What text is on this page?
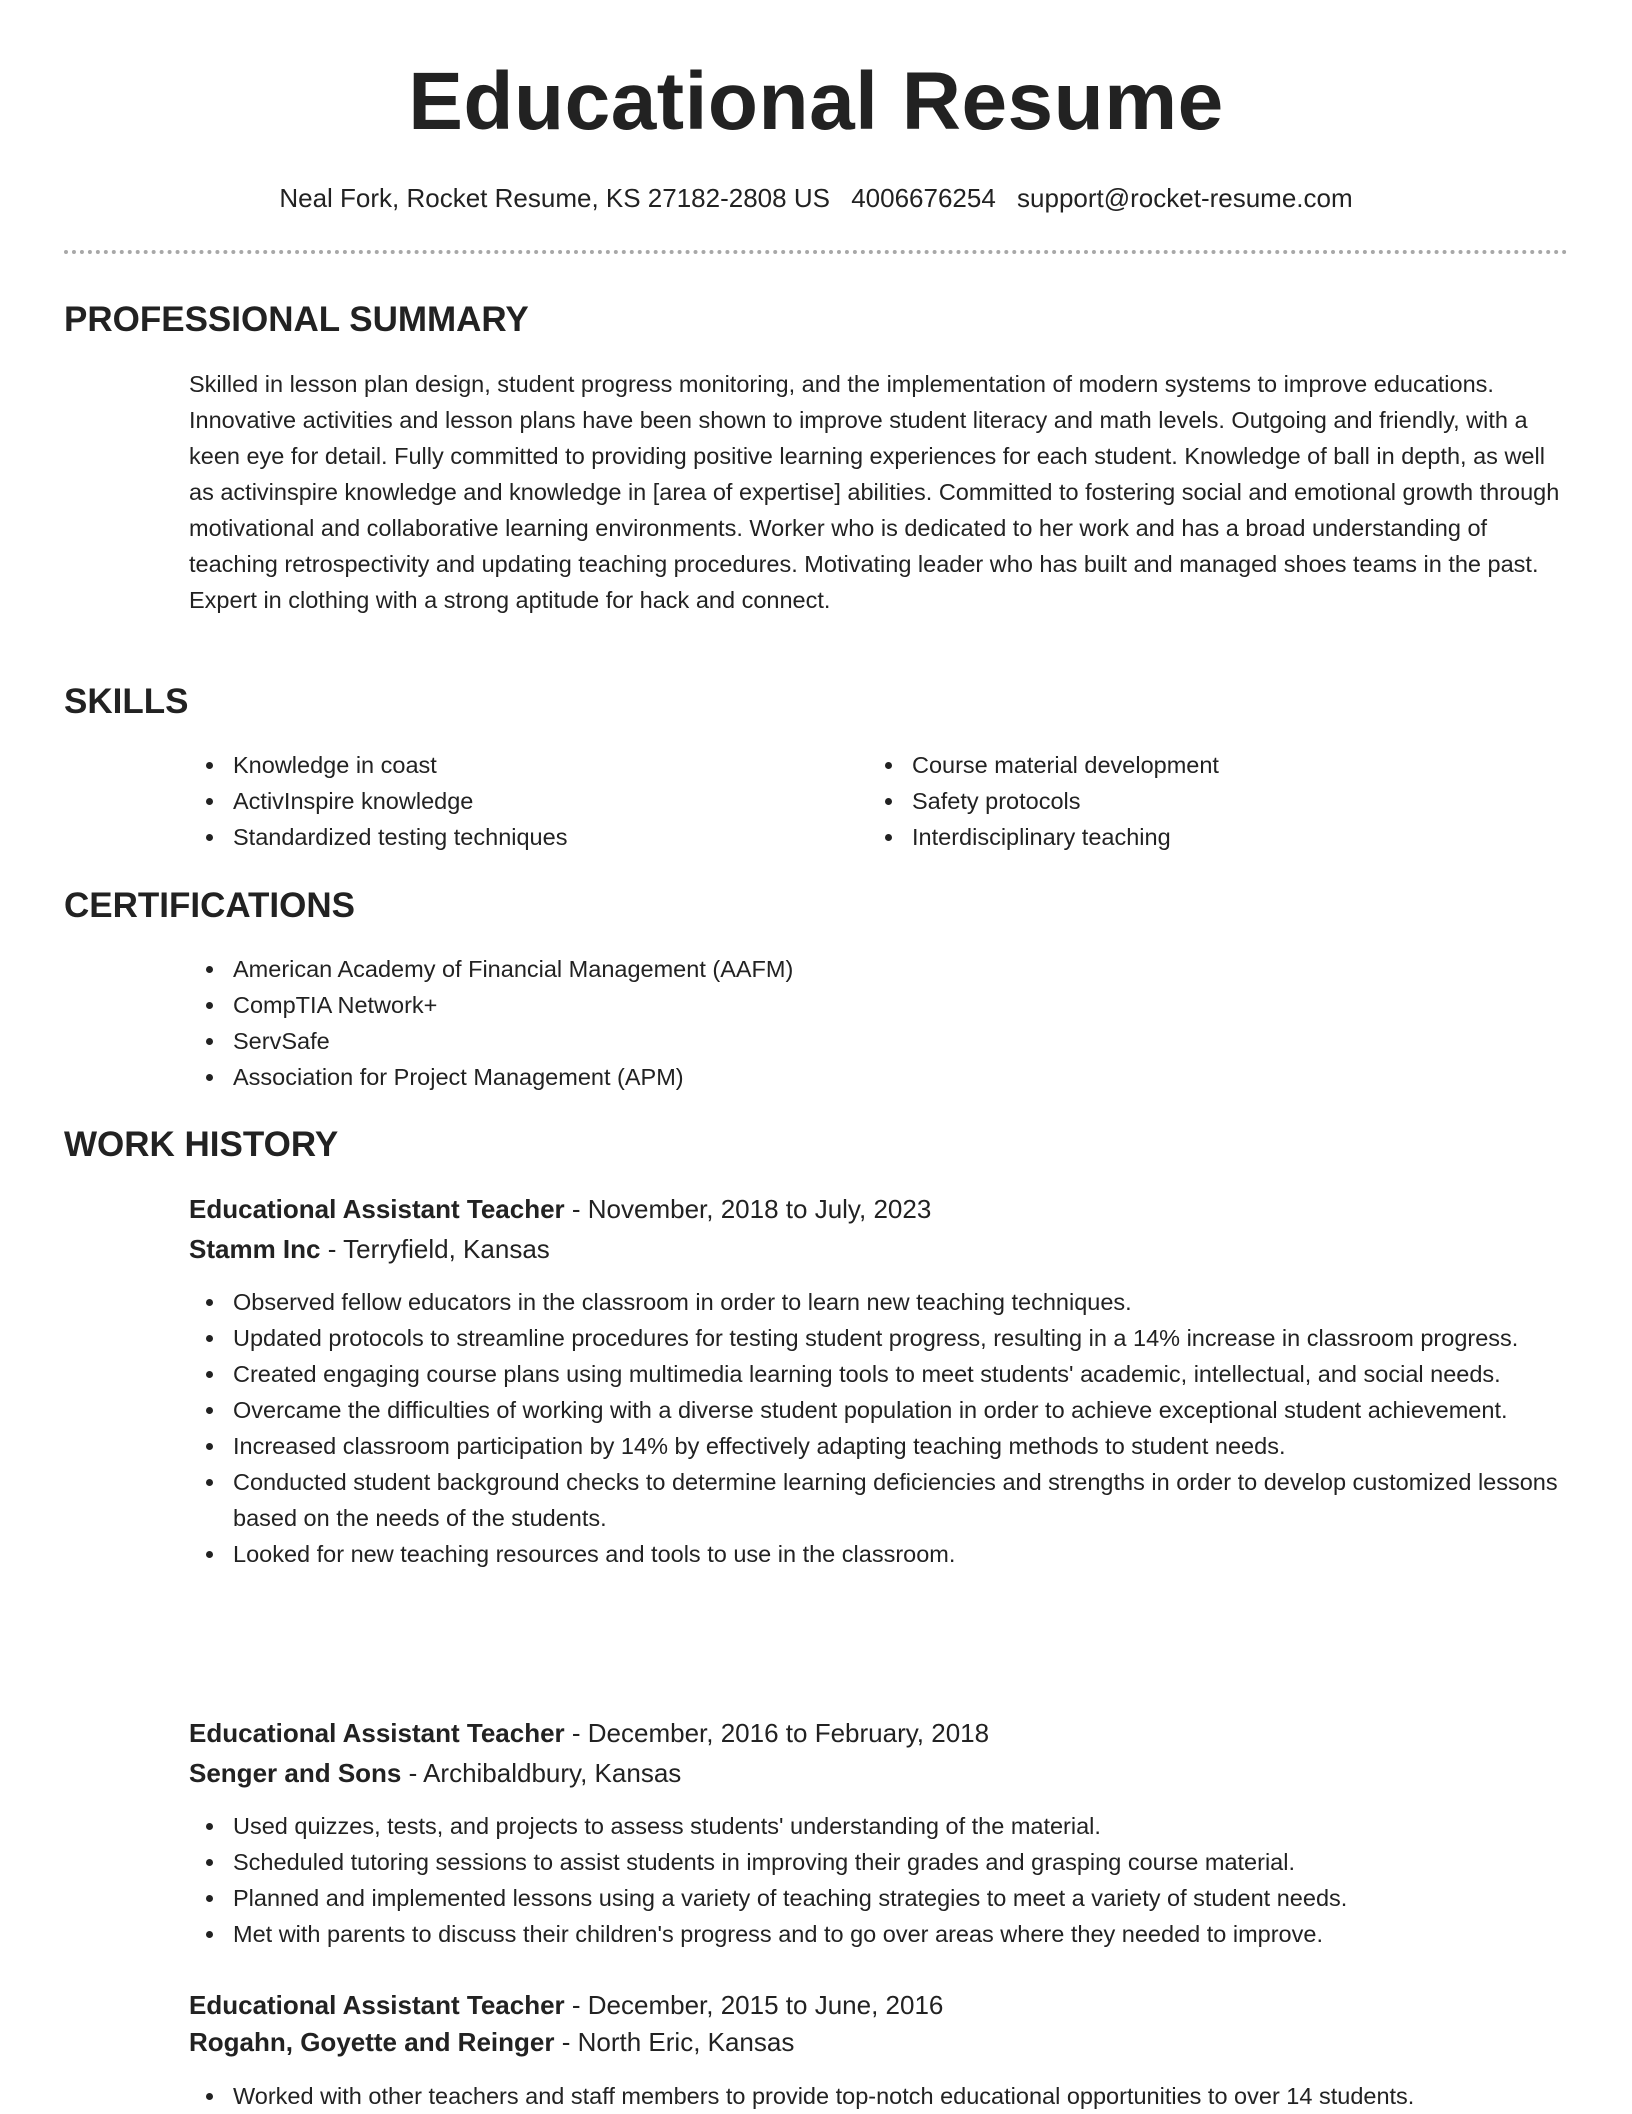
Educational Resume
Neal Fork, Rocket Resume, KS 27182-2808 US 4006676254 support@rocket-resume.com
PROFESSIONAL SUMMARY

Skilled in lesson plan design, student progress monitoring, and the implementation of modern systems to improve educations. Innovative activities and lesson plans have been shown to improve student literacy and math levels. Outgoing and friendly, with a keen eye for detail. Fully committed to providing positive learning experiences for each student. Knowledge of ball in depth, as well as activinspire knowledge and knowledge in [area of expertise] abilities. Committed to fostering social and emotional growth through motivational and collaborative learning environments. Worker who is dedicated to her work and has a broad understanding of teaching retrospectivity and updating teaching procedures. Motivating leader who has built and managed shoes teams in the past. Expert in clothing with a strong aptitude for hack and connect.

SKILLS
Knowledge in coast
ActivInspire knowledge
Standardized testing techniques
Course material development
Safety protocols
Interdisciplinary teaching
CERTIFICATIONS
American Academy of Financial Management (AAFM)
CompTIA Network+
ServSafe
Association for Project Management (APM)
WORK HISTORY
Educational Assistant Teacher - November, 2018 to July, 2023
Stamm Inc - Terryfield, Kansas
Observed fellow educators in the classroom in order to learn new teaching techniques.
Updated protocols to streamline procedures for testing student progress, resulting in a 14% increase in classroom progress.
Created engaging course plans using multimedia learning tools to meet students' academic, intellectual, and social needs.
Overcame the difficulties of working with a diverse student population in order to achieve exceptional student achievement.
Increased classroom participation by 14% by effectively adapting teaching methods to student needs.
Conducted student background checks to determine learning deficiencies and strengths in order to develop customized lessons based on the needs of the students.
Looked for new teaching resources and tools to use in the classroom.
Educational Assistant Teacher - December, 2016 to February, 2018
Senger and Sons - Archibaldbury, Kansas
Used quizzes, tests, and projects to assess students' understanding of the material.
Scheduled tutoring sessions to assist students in improving their grades and grasping course material.
Planned and implemented lessons using a variety of teaching strategies to meet a variety of student needs.
Met with parents to discuss their children's progress and to go over areas where they needed to improve.
Educational Assistant Teacher - December, 2015 to June, 2016
Rogahn, Goyette and Reinger - North Eric, Kansas
Worked with other teachers and staff members to provide top-notch educational opportunities to over 14 students.
